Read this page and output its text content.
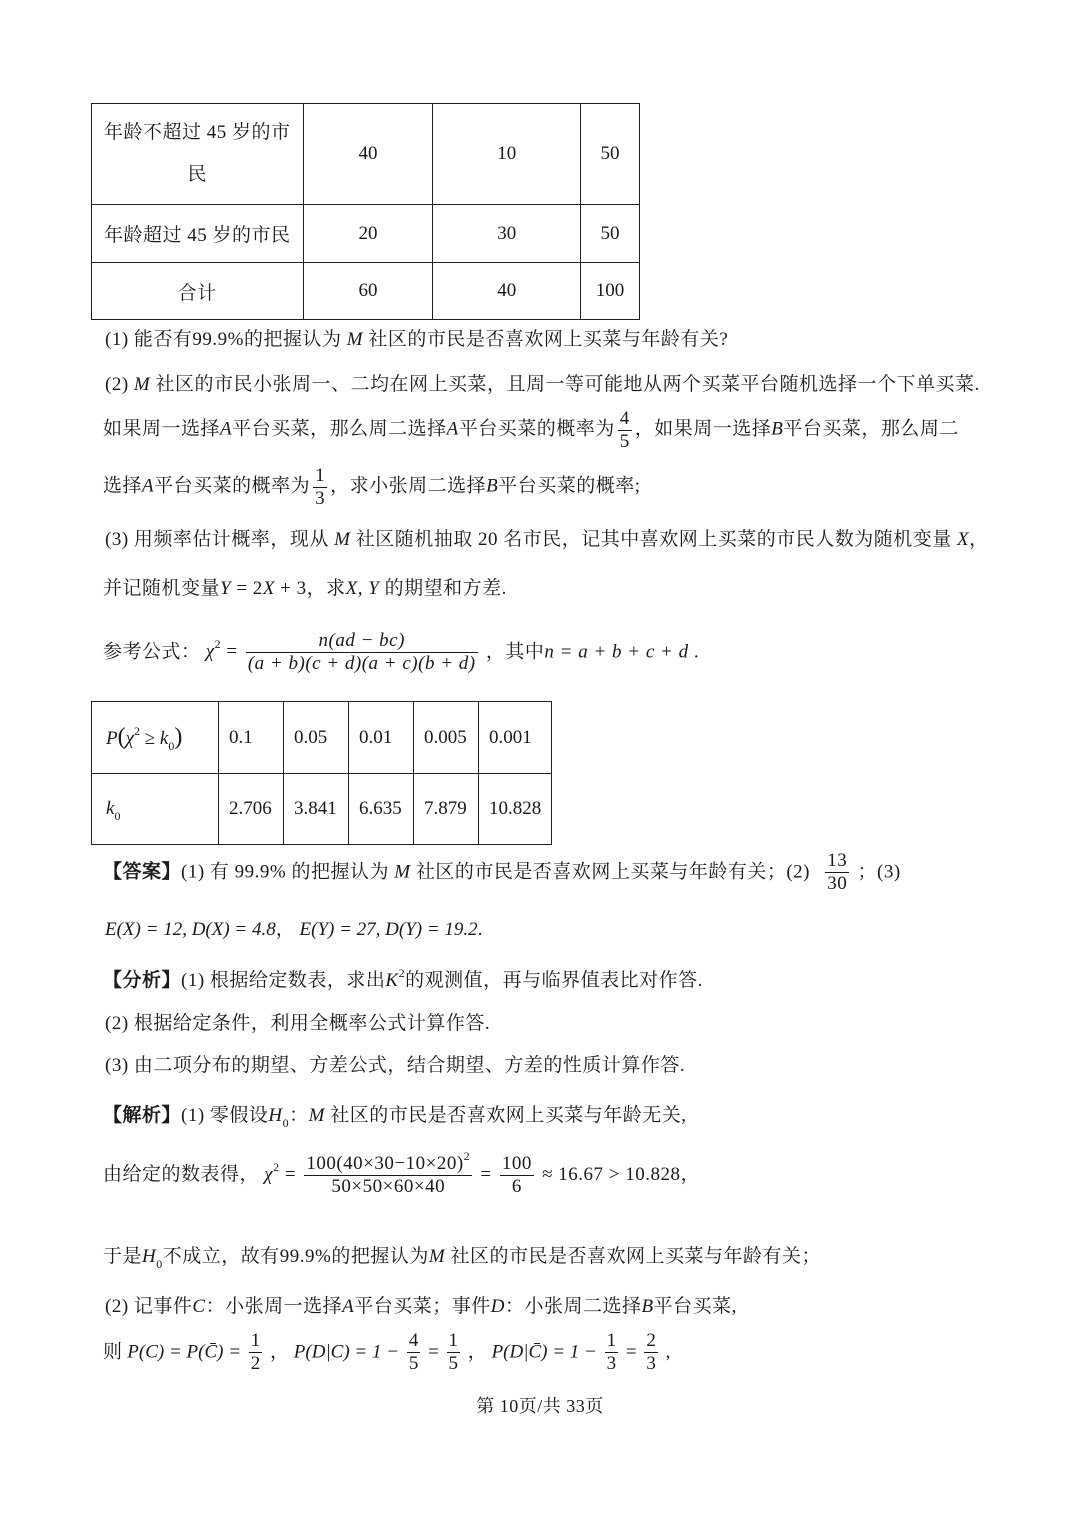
年龄不超过 45 岁的市
民	40	10	50
年龄超过 45 岁的市民	20	30	50
合计	60	40	100
(1) 能否有99.9%的把握认为 M 社区的市民是否喜欢网上买菜与年龄有关?
(2) M 社区的市民小张周一、二均在网上买菜，且周一等可能地从两个买菜平台随机选择一个下单买菜.
如果周一选择A平台买菜，那么周二选择A平台买菜的概率为 $\frac{4}{5}$ ，如果周一选择B平台买菜，那么周二
选择A平台买菜的概率为 $\frac{1}{3}$ ，求小张周二选择B平台买菜的概率;
(3) 用频率估计概率，现从 M 社区随机抽取 20 名市民，记其中喜欢网上买菜的市民人数为随机变量 X，
并记随机变量Y = 2X + 3，求X, Y 的期望和方差.
参考公式： $\chi^2 = \frac{n(ad - bc)}{(a + b)(c + d)(a + c)(b + d)}$ ，其中n = a + b + c + d .
$P(\chi^2 \ge k_0)$	0.1	0.05	0.01	0.005	0.001
$k_0$	2.706	3.841	6.635	7.879	10.828
【答案】(1) 有 99.9% 的把握认为 M 社区的市民是否喜欢网上买菜与年龄有关；$(2) \frac{13}{30}$ ；(3)
E(X) = 12, D(X) = 4.8， E(Y) = 27, D(Y) = 19.2.
【分析】(1) 根据给定数表，求出$K^2$的观测值，再与临界值表比对作答.
(2) 根据给定条件，利用全概率公式计算作答.
(3) 由二项分布的期望、方差公式，结合期望、方差的性质计算作答.
【解析】(1) 零假设$H_0$：M 社区的市民是否喜欢网上买菜与年龄无关,
由给定的数表得， $\chi^2 = \frac{100(40\times 30-10\times 20)^2}{50\times 50\times 60\times 40} = \frac{100}{6} \approx 16.67 > 10.828$，
于是$H_0$不成立，故有99.9%的把握认为M 社区的市民是否喜欢网上买菜与年龄有关；
(2) 记事件C：小张周一选择A平台买菜；事件D：小张周二选择B平台买菜,
则 P(C) = P(C̄) = $\frac{1}{2}$ ， $P(D|C) = 1 - \frac{4}{5} = \frac{1}{5}$ ， P(D|C̄) = $1 - \frac{1}{3} = \frac{2}{3}$ ,
第 10页/共 33页
